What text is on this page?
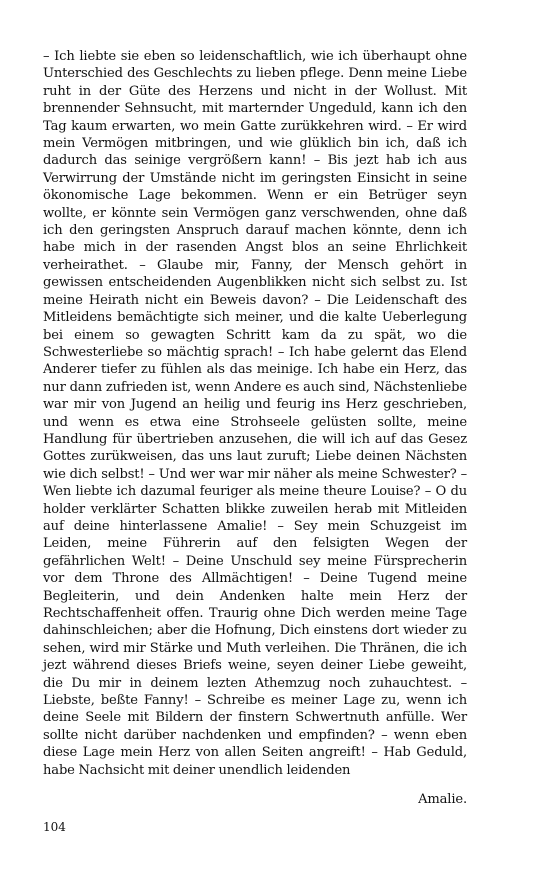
– Ich liebte sie eben so leidenschaftlich, wie ich überhaupt ohne Unterschied des Geschlechts zu lieben pflege. Denn meine Liebe ruht in der Güte des Herzens und nicht in der Wollust. Mit brennender Sehnsucht, mit marternder Ungeduld, kann ich den Tag kaum erwarten, wo mein Gatte zurükkehren wird. – Er wird mein Vermögen mitbringen, und wie glüklich bin ich, daß ich dadurch das seinige vergrößern kann! – Bis jezt hab ich aus Verwirrung der Umstände nicht im geringsten Einsicht in seine ökonomische Lage bekommen. Wenn er ein Betrüger seyn wollte, er könnte sein Vermögen ganz verschwenden, ohne daß ich den geringsten Anspruch darauf machen könnte, denn ich habe mich in der rasenden Angst blos an seine Ehrlichkeit verheirathet. – Glaube mir, Fanny, der Mensch gehört in gewissen entscheidenden Augenblikken nicht sich selbst zu. Ist meine Heirath nicht ein Beweis davon? – Die Leidenschaft des Mitleidens bemächtigte sich meiner, und die kalte Ueberlegung bei einem so gewagten Schritt kam da zu spät, wo die Schwesterliebe so mächtig sprach! – Ich habe gelernt das Elend Anderer tiefer zu fühlen als das meinige. Ich habe ein Herz, das nur dann zufrieden ist, wenn Andere es auch sind, Nächstenliebe war mir von Jugend an heilig und feurig ins Herz geschrieben, und wenn es etwa eine Strohseele gelüsten sollte, meine Handlung für übertrieben anzusehen, die will ich auf das Gesez Gottes zurükweisen, das uns laut zuruft; Liebe deinen Nächsten wie dich selbst! – Und wer war mir näher als meine Schwester? – Wen liebte ich dazumal feuriger als meine theure Louise? – O du holder verklärter Schatten blikke zuweilen herab mit Mitleiden auf deine hinterlassene Amalie! – Sey mein Schuzgeist im Leiden, meine Führerin auf den felsigten Wegen der gefährlichen Welt! – Deine Unschuld sey meine Fürsprecherin vor dem Throne des Allmächtigen! – Deine Tugend meine Begleiterin, und dein Andenken halte mein Herz der Rechtschaffenheit offen. Traurig ohne Dich werden meine Tage dahinschleichen; aber die Hofnung, Dich einstens dort wieder zu sehen, wird mir Stärke und Muth verleihen. Die Thränen, die ich jezt während dieses Briefs weine, seyen deiner Liebe geweiht, die Du mir in deinem lezten Athemzug noch zuhauchtest. – Liebste, beßte Fanny! – Schreibe es meiner Lage zu, wenn ich deine Seele mit Bildern der finstern Schwertnuth anfülle. Wer sollte nicht darüber nachdenken und empfinden? – wenn eben diese Lage mein Herz von allen Seiten angreift! – Hab Geduld, habe Nachsicht mit deiner unendlich leidenden

Amalie.

104
